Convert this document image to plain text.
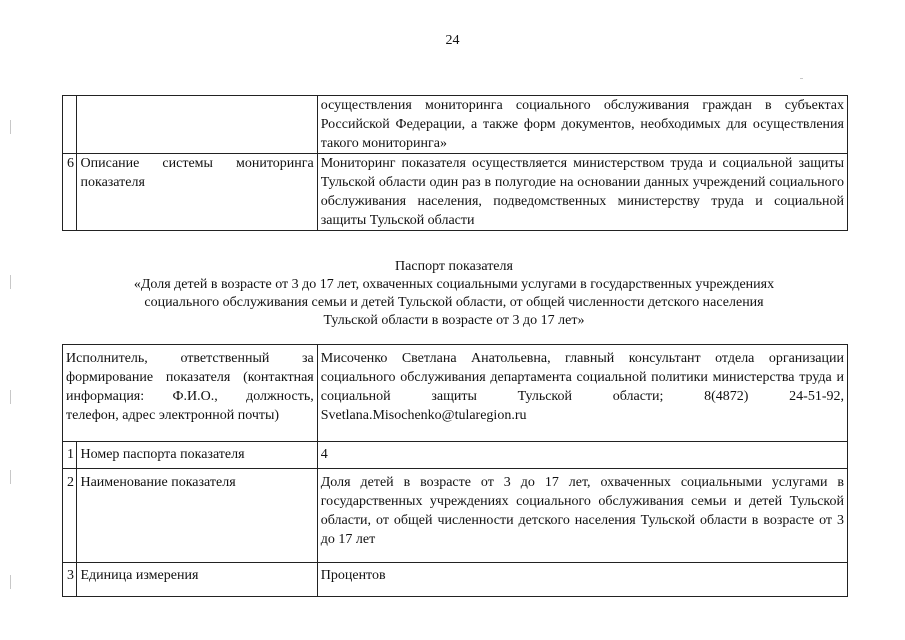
24
		осуществления мониторинга социального обслуживания граждан в субъектах Российской Федерации, а также форм документов, необходимых для осуществления такого мониторинга»
6	Описание системы мониторинга показателя	Мониторинг показателя осуществляется министерством труда и социальной защиты Тульской области один раз в полугодие на основании данных учреждений социального обслуживания населения, подведомственных министерству труда и социальной защиты Тульской области
Паспорт показателя
«Доля детей в возрасте от 3 до 17 лет, охваченных социальными услугами в государственных учреждениях
социального обслуживания семьи и детей Тульской области, от общей численности детского населения
Тульской области в возрасте от 3 до 17 лет»
Исполнитель, ответственный за формирование показателя (контактная информация: Ф.И.О., должность, телефон, адрес электронной почты)		Мисоченко Светлана Анатольевна, главный консультант отдела организации социального обслуживания департамента социальной политики министерства труда и социальной защиты Тульской области; 8(4872) 24-51-92, Svetlana.Misochenko@tularegion.ru
1	Номер паспорта показателя	4
2	Наименование показателя	Доля детей в возрасте от 3 до 17 лет, охваченных социальными услугами в государственных учреждениях социального обслуживания семьи и детей Тульской области, от общей численности детского населения Тульской области в возрасте от 3 до 17 лет
3	Единица измерения	Процентов
